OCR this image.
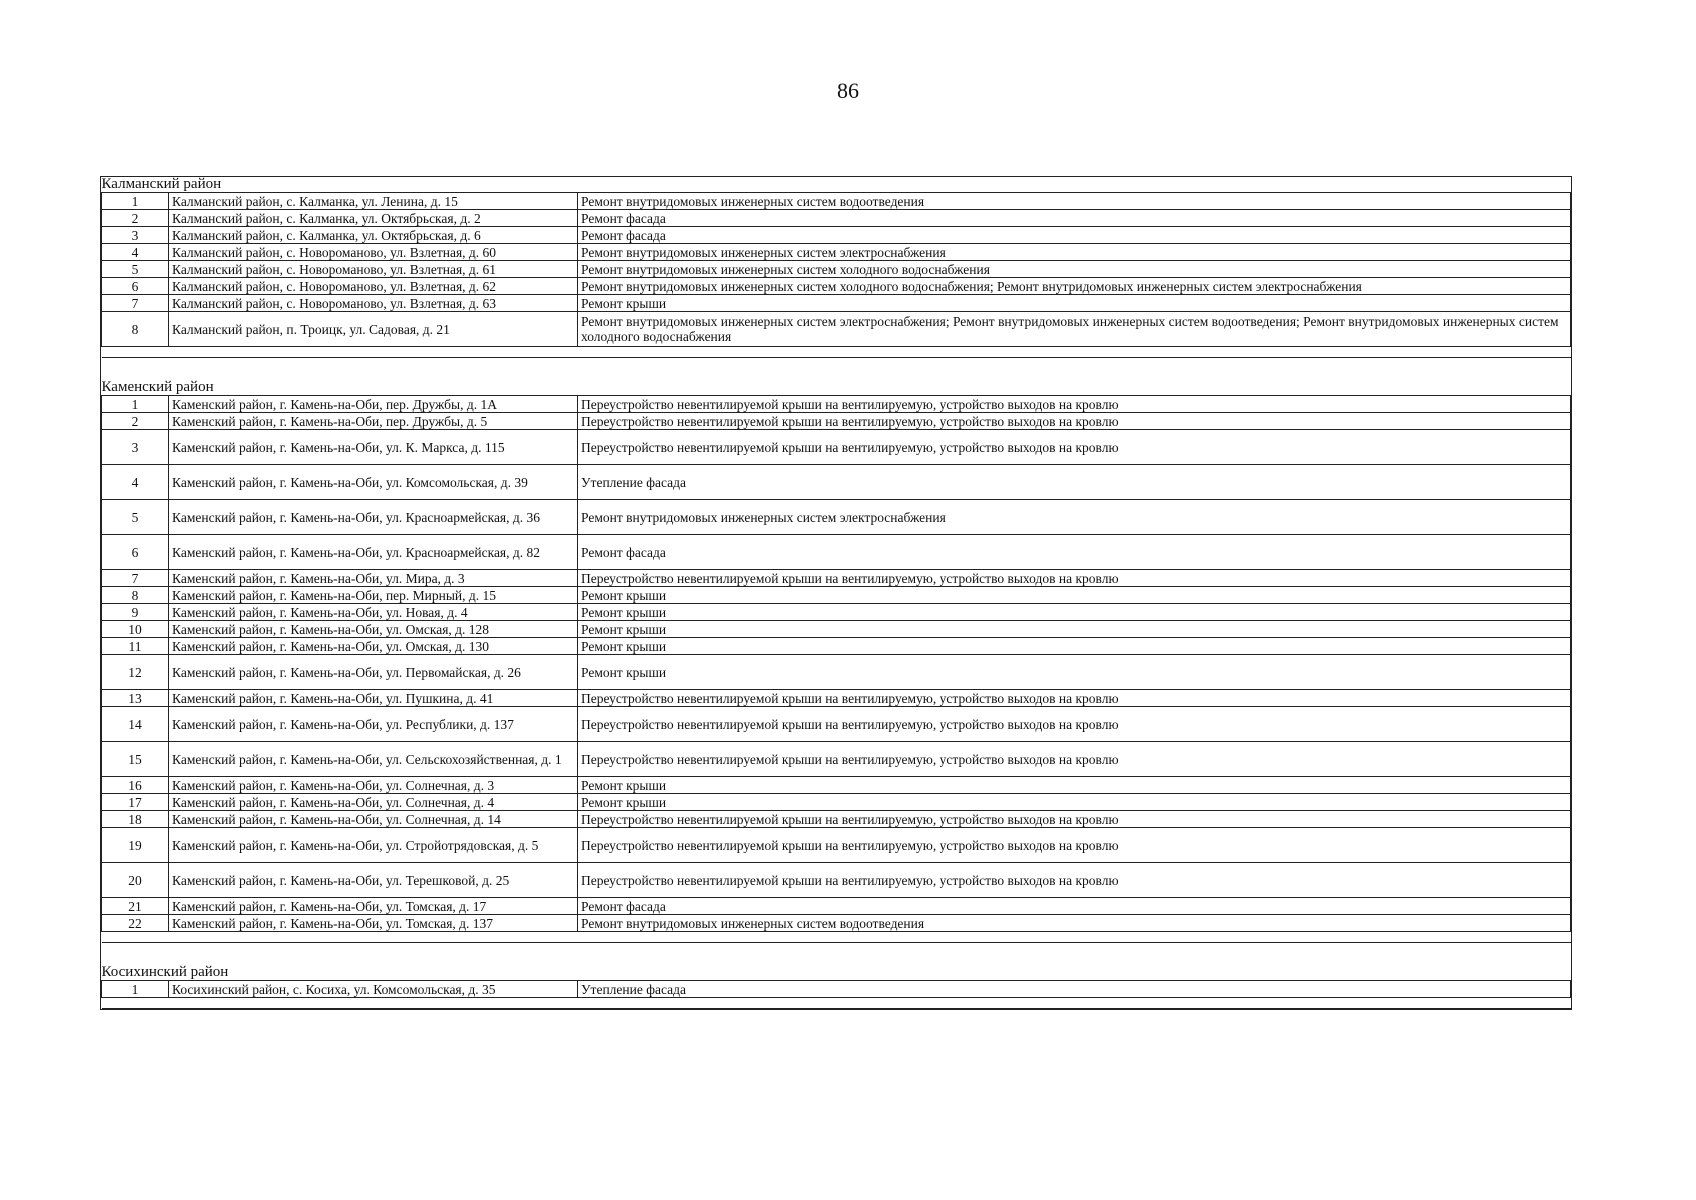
86
Калманский район		
1	Калманский район, с. Калманка, ул. Ленина, д. 15	Ремонт внутридомовых инженерных систем водоотведения
2	Калманский район, с. Калманка, ул. Октябрьская, д. 2	Ремонт фасада
3	Калманский район, с. Калманка, ул. Октябрьская, д. 6	Ремонт фасада
4	Калманский район, с. Новороманово, ул. Взлетная, д. 60	Ремонт внутридомовых инженерных систем электроснабжения
5	Калманский район, с. Новороманово, ул. Взлетная, д. 61	Ремонт внутридомовых инженерных систем холодного водоснабжения
6	Калманский район, с. Новороманово, ул. Взлетная, д. 62	Ремонт внутридомовых инженерных систем холодного водоснабжения; Ремонт внутридомовых инженерных систем электроснабжения
7	Калманский район, с. Новороманово, ул. Взлетная, д. 63	Ремонт крыши
8	Калманский район, п. Троицк, ул. Садовая, д. 21	Ремонт внутридомовых инженерных систем электроснабжения; Ремонт внутридомовых инженерных систем водоотведения; Ремонт внутридомовых инженерных систем холодного водоснабжения

Каменский район		
1	Каменский район, г. Камень-на-Оби, пер. Дружбы, д. 1А	Переустройство невентилируемой крыши на вентилируемую, устройство выходов на кровлю
2	Каменский район, г. Камень-на-Оби, пер. Дружбы, д. 5	Переустройство невентилируемой крыши на вентилируемую, устройство выходов на кровлю
3	Каменский район, г. Камень-на-Оби, ул. К. Маркса, д. 115	Переустройство невентилируемой крыши на вентилируемую, устройство выходов на кровлю
4	Каменский район, г. Камень-на-Оби, ул. Комсомольская, д. 39	Утепление фасада
5	Каменский район, г. Камень-на-Оби, ул. Красноармейская, д. 36	Ремонт внутридомовых инженерных систем электроснабжения
6	Каменский район, г. Камень-на-Оби, ул. Красноармейская, д. 82	Ремонт фасада
7	Каменский район, г. Камень-на-Оби, ул. Мира, д. 3	Переустройство невентилируемой крыши на вентилируемую, устройство выходов на кровлю
8	Каменский район, г. Камень-на-Оби, пер. Мирный, д. 15	Ремонт крыши
9	Каменский район, г. Камень-на-Оби, ул. Новая, д. 4	Ремонт крыши
10	Каменский район, г. Камень-на-Оби, ул. Омская, д. 128	Ремонт крыши
11	Каменский район, г. Камень-на-Оби, ул. Омская, д. 130	Ремонт крыши
12	Каменский район, г. Камень-на-Оби, ул. Первомайская, д. 26	Ремонт крыши
13	Каменский район, г. Камень-на-Оби, ул. Пушкина, д. 41	Переустройство невентилируемой крыши на вентилируемую, устройство выходов на кровлю
14	Каменский район, г. Камень-на-Оби, ул. Республики, д. 137	Переустройство невентилируемой крыши на вентилируемую, устройство выходов на кровлю
15	Каменский район, г. Камень-на-Оби, ул. Сельскохозяйственная, д. 1	Переустройство невентилируемой крыши на вентилируемую, устройство выходов на кровлю
16	Каменский район, г. Камень-на-Оби, ул. Солнечная, д. 3	Ремонт крыши
17	Каменский район, г. Камень-на-Оби, ул. Солнечная, д. 4	Ремонт крыши
18	Каменский район, г. Камень-на-Оби, ул. Солнечная, д. 14	Переустройство невентилируемой крыши на вентилируемую, устройство выходов на кровлю
19	Каменский район, г. Камень-на-Оби, ул. Стройотрядовская, д. 5	Переустройство невентилируемой крыши на вентилируемую, устройство выходов на кровлю
20	Каменский район, г. Камень-на-Оби, ул. Терешковой, д. 25	Переустройство невентилируемой крыши на вентилируемую, устройство выходов на кровлю
21	Каменский район, г. Камень-на-Оби, ул. Томская, д. 17	Ремонт фасада
22	Каменский район, г. Камень-на-Оби, ул. Томская, д. 137	Ремонт внутридомовых инженерных систем водоотведения

Косихинский район		
1	Косихинский район, с. Косиха, ул. Комсомольская, д. 35	Утепление фасада
